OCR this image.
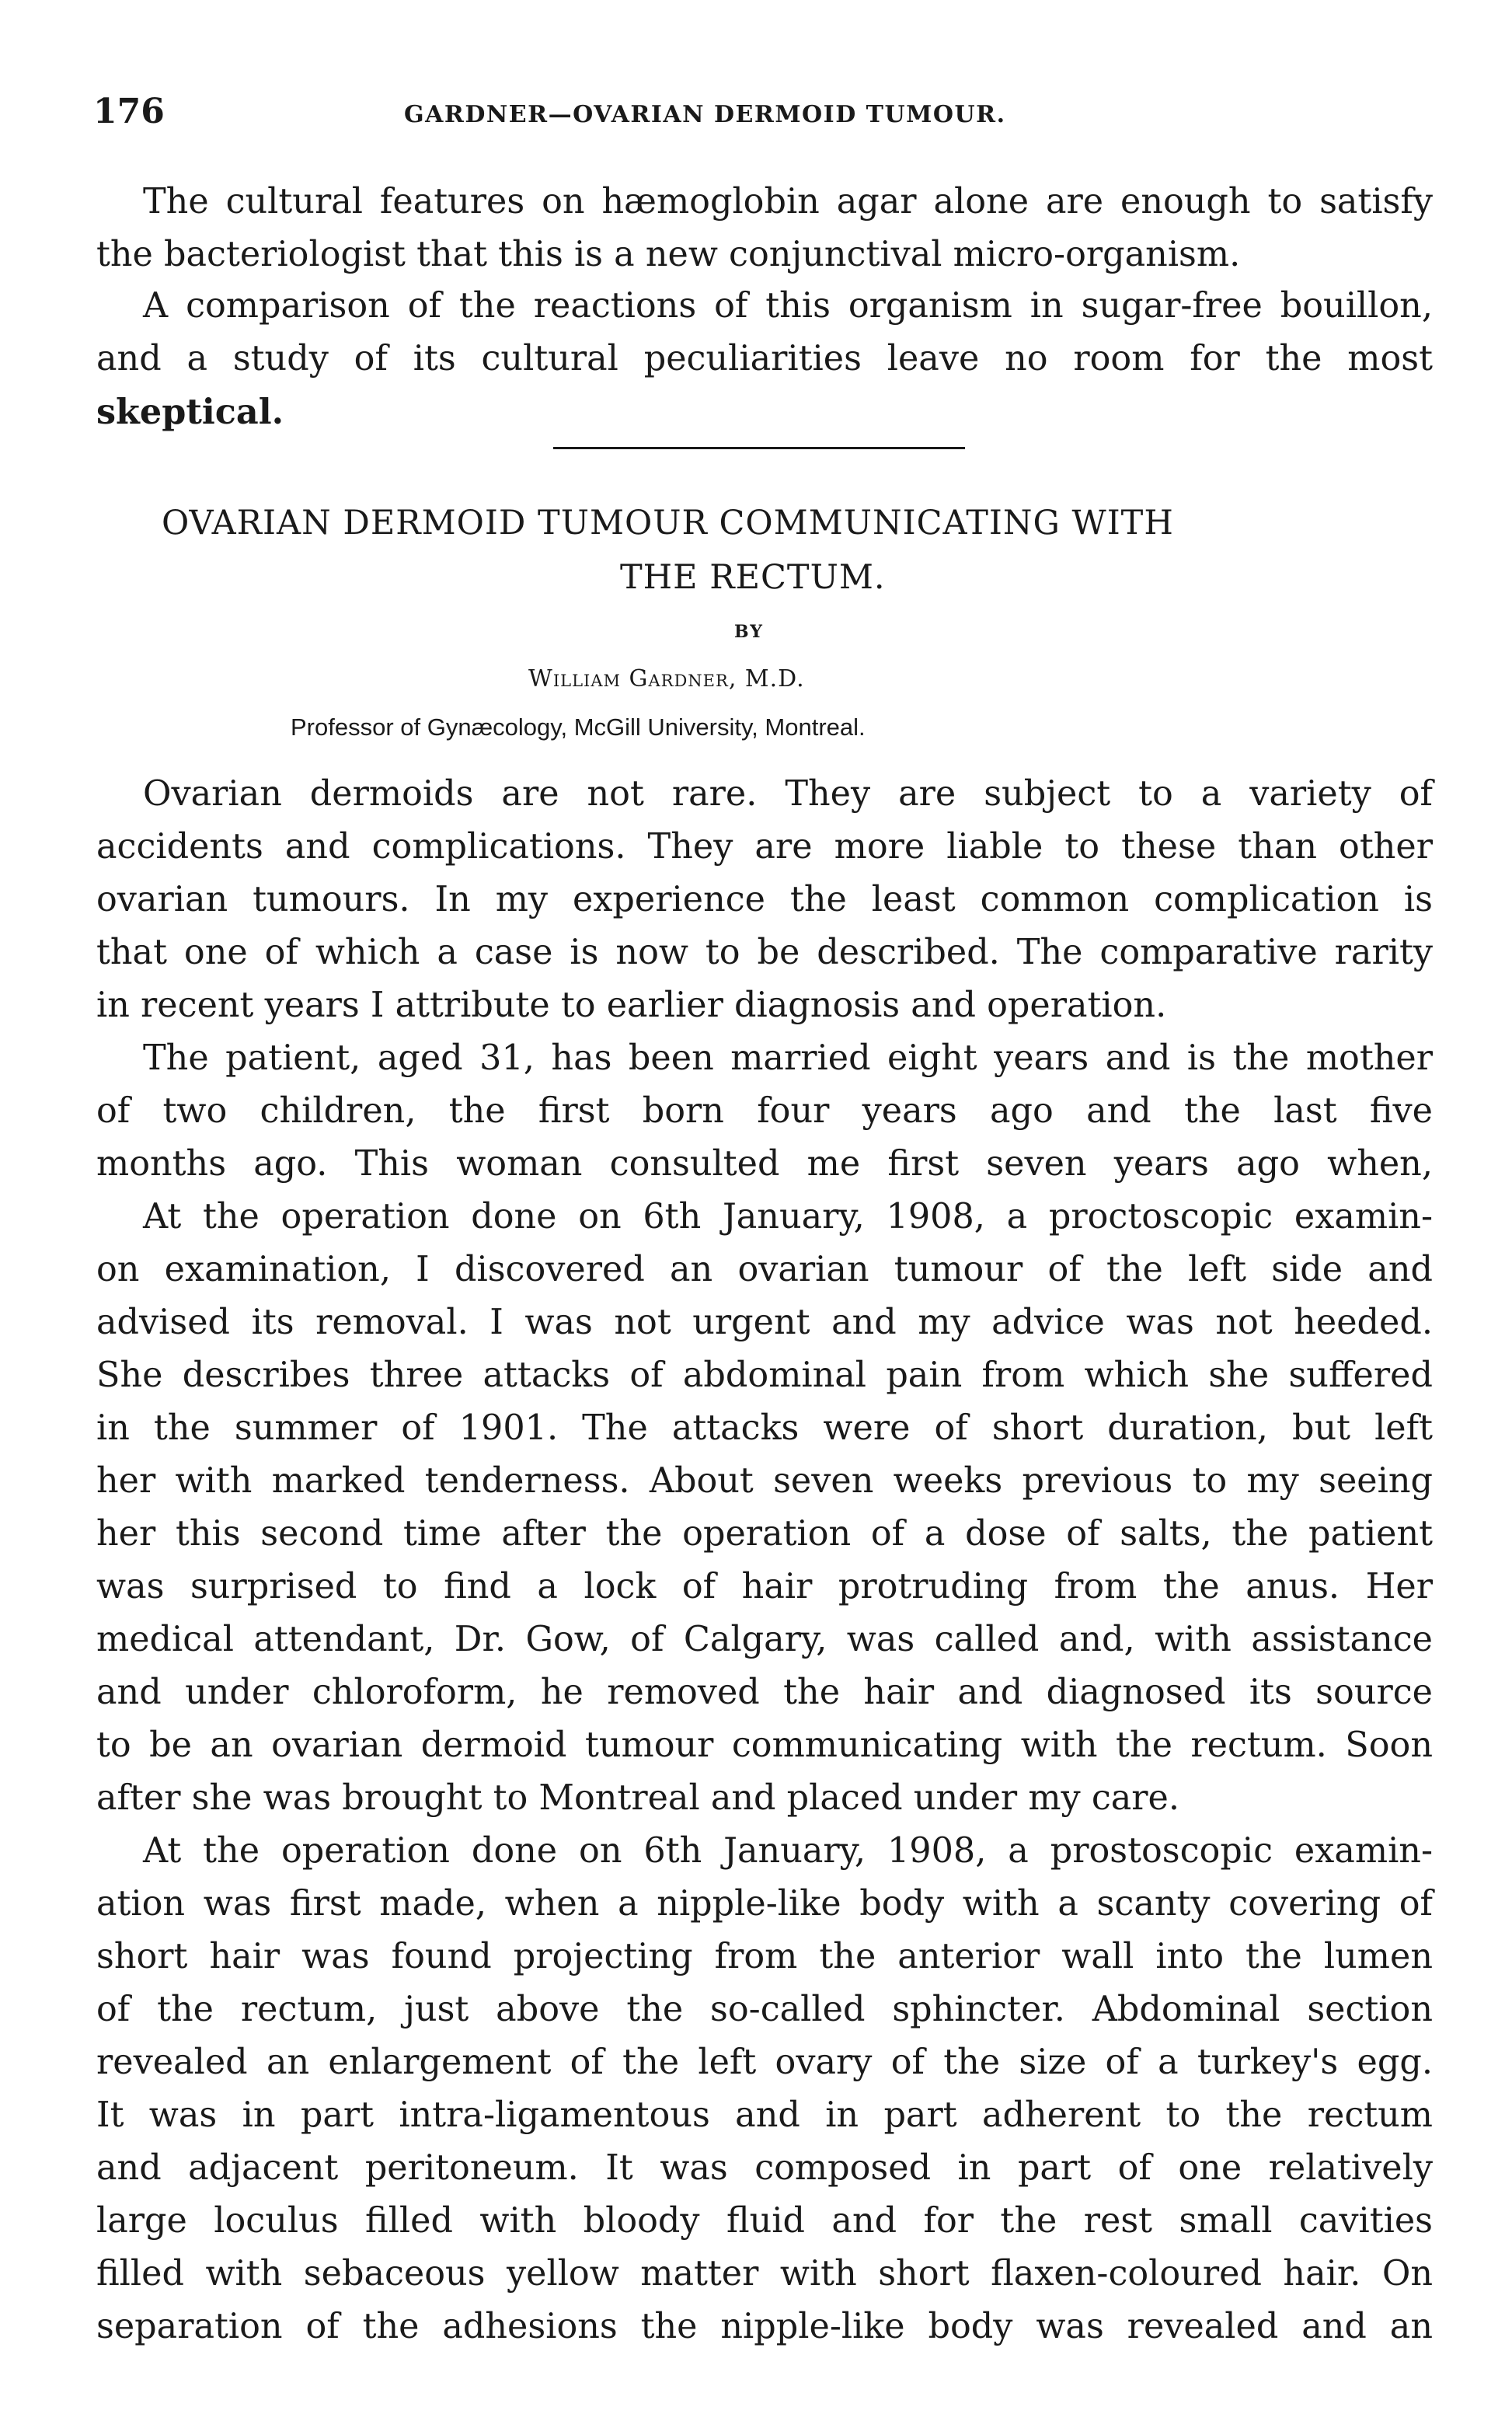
176	GARDNER—OVARIAN DERMOID TUMOUR.
The cultural features on hæmoglobin agar alone are enough to satisfy
the bacteriologist that this is a new conjunctival micro-organism.
A comparison of the reactions of this organism in sugar-free bouillon,
and a study of its cultural peculiarities leave no room for the most
skeptical.
OVARIAN DERMOID TUMOUR COMMUNICATING WITH
THE RECTUM.
BY
William Gardner, M.D.
Professor of Gynæcology, McGill University, Montreal.
Ovarian dermoids are not rare. They are subject to a variety of
accidents and complications. They are more liable to these than other
ovarian tumours. In my experience the least common complication is
that one of which a case is now to be described. The comparative rarity
in recent years I attribute to earlier diagnosis and operation.
The patient, aged 31, has been married eight years and is the mother
of two children, the first born four years ago and the last five
months ago. This woman consulted me first seven years ago when,
At the operation done on 6th January, 1908, a proctoscopic examin-
on examination, I discovered an ovarian tumour of the left side and
advised its removal. I was not urgent and my advice was not heeded.
She describes three attacks of abdominal pain from which she suffered
in the summer of 1901. The attacks were of short duration, but left
her with marked tenderness. About seven weeks previous to my seeing
her this second time after the operation of a dose of salts, the patient
was surprised to find a lock of hair protruding from the anus. Her
medical attendant, Dr. Gow, of Calgary, was called and, with assistance
and under chloroform, he removed the hair and diagnosed its source
to be an ovarian dermoid tumour communicating with the rectum. Soon
after she was brought to Montreal and placed under my care.
At the operation done on 6th January, 1908, a prostoscopic examin-
ation was first made, when a nipple-like body with a scanty covering of
short hair was found projecting from the anterior wall into the lumen
of the rectum, just above the so-called sphincter. Abdominal section
revealed an enlargement of the left ovary of the size of a turkey's egg.
It was in part intra-ligamentous and in part adherent to the rectum
and adjacent peritoneum. It was composed in part of one relatively
large loculus filled with bloody fluid and for the rest small cavities
filled with sebaceous yellow matter with short flaxen-coloured hair. On
separation of the adhesions the nipple-like body was revealed and an
